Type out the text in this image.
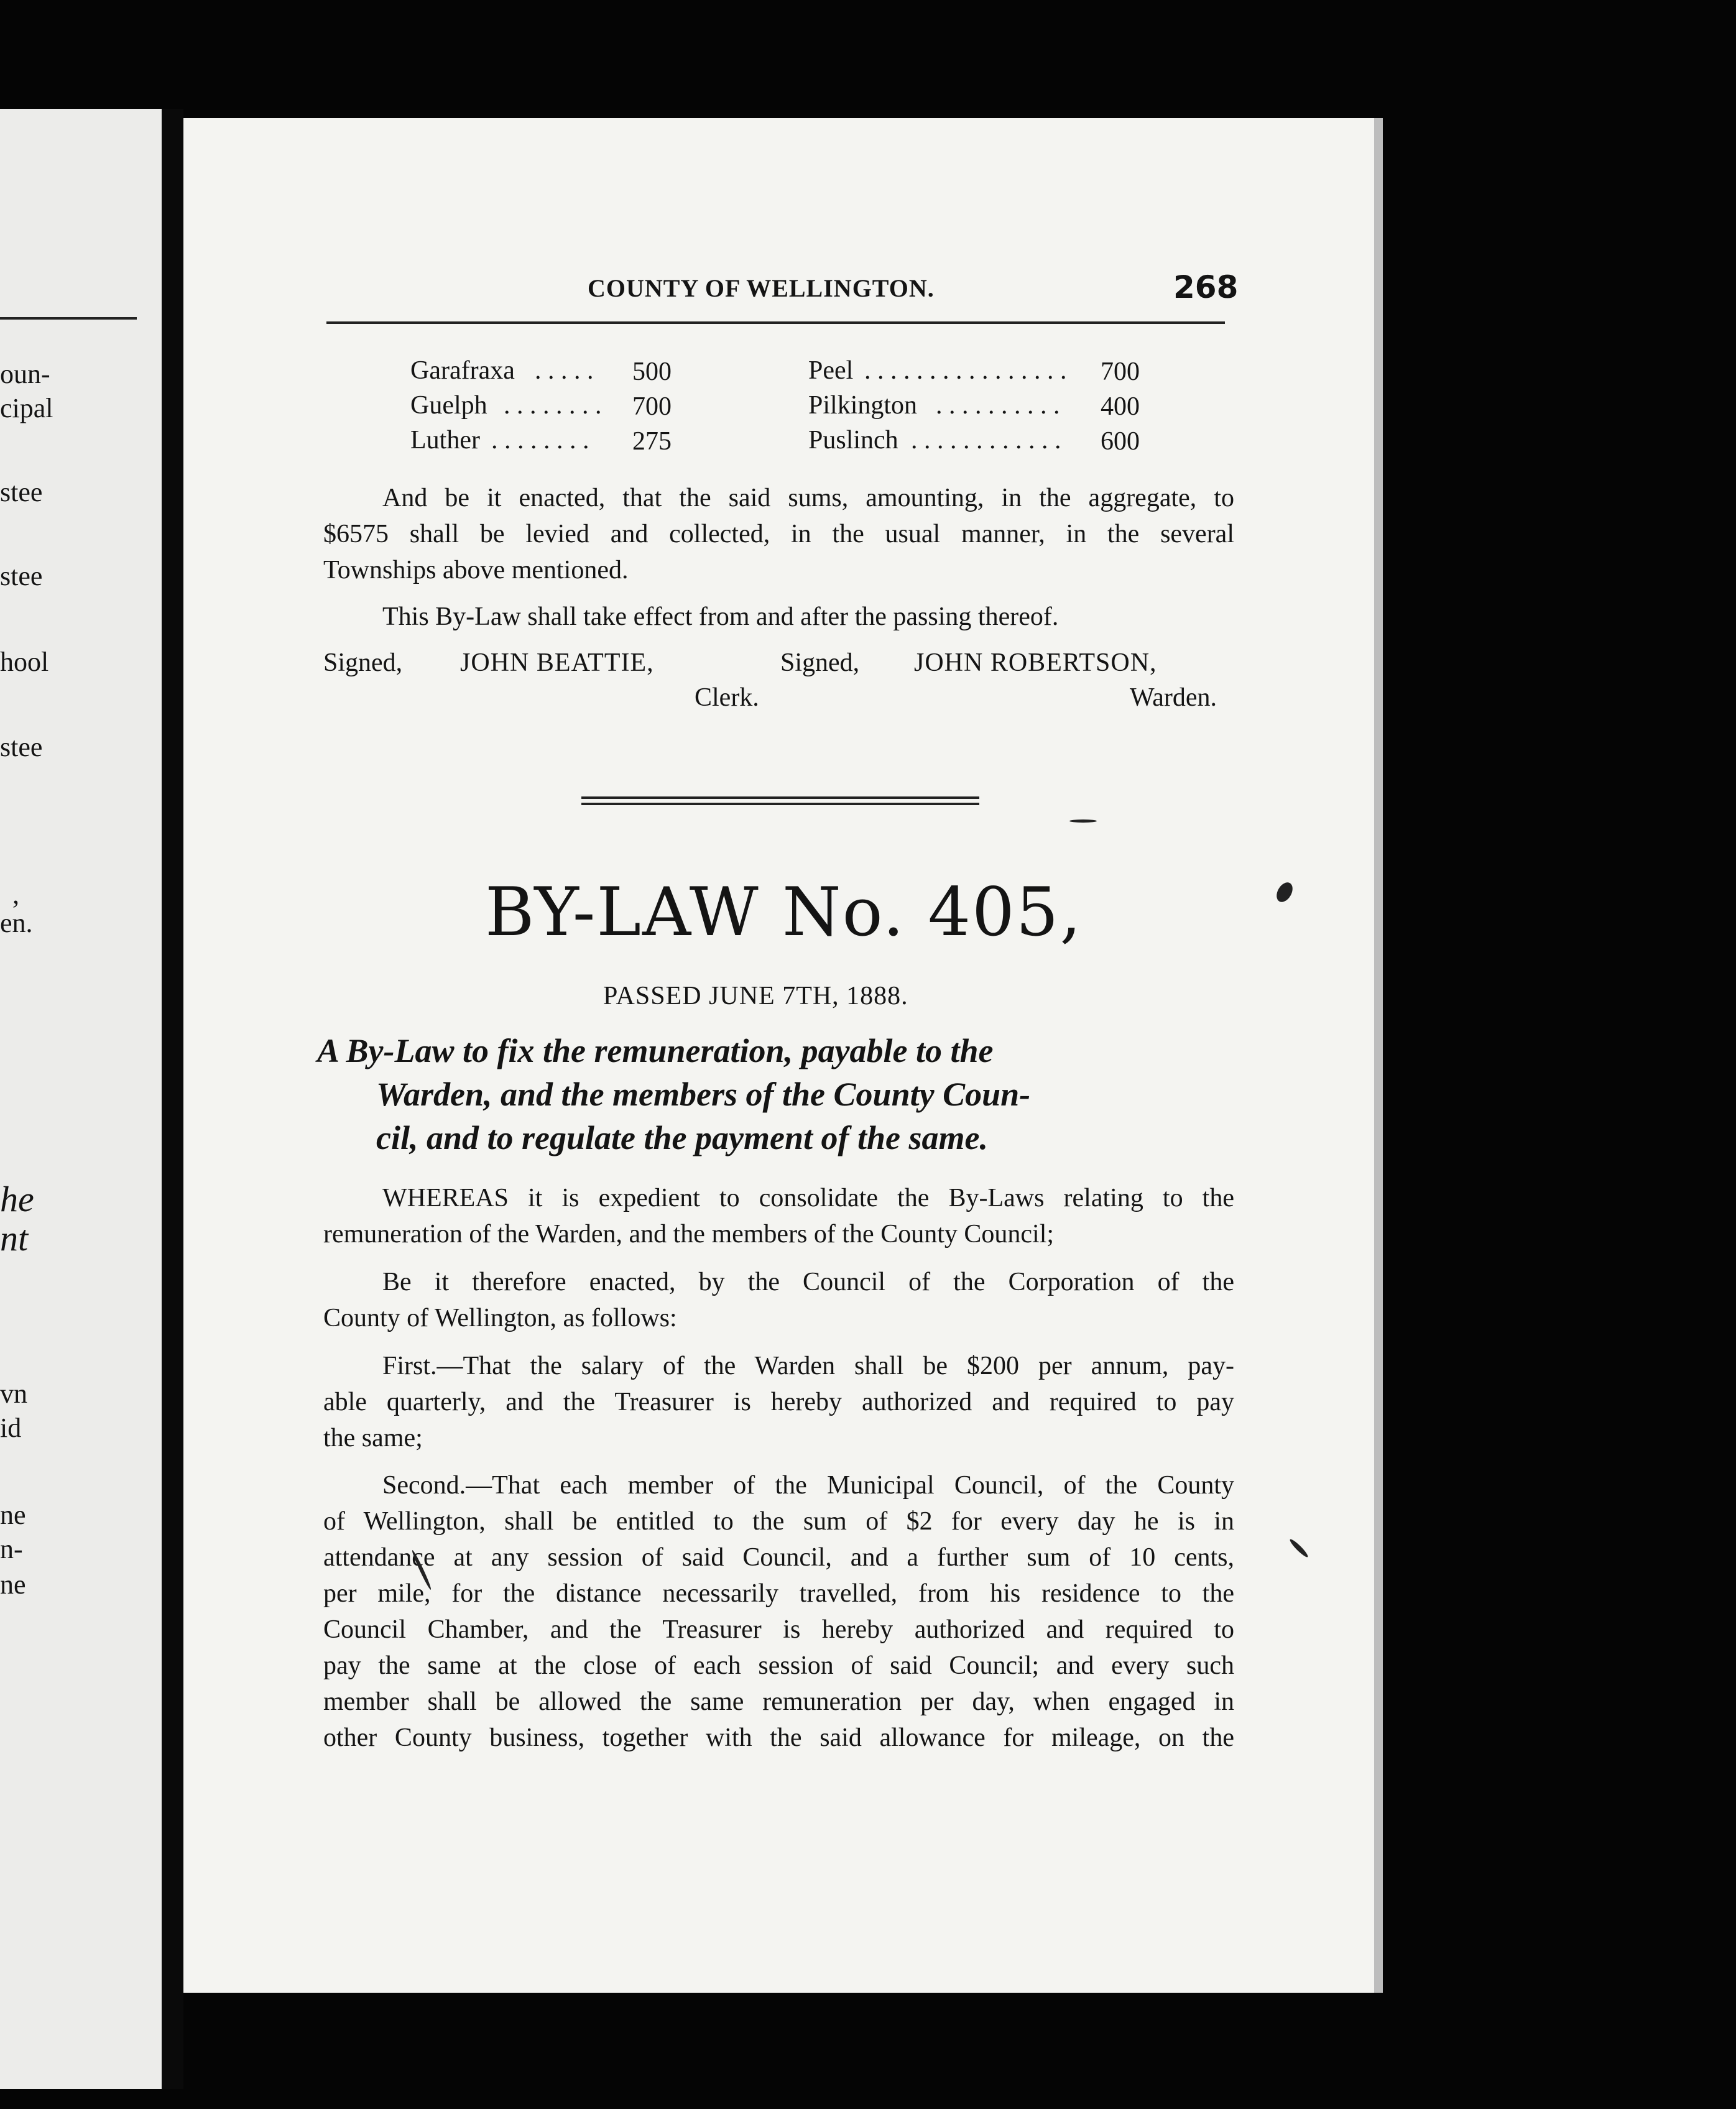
oun-
cipal
stee
stee
hool
stee
,
en.
he
nt
vn
id
ne
n-
ne
COUNTY OF WELLINGTON.	268
Garafraxa . . . . . 500
Guelph . . . . . . . . 700
Luther . . . . . . . . 275
Peel . . . . . . . . . . . . . . . . 700
Pilkington . . . . . . . . . . 400
Puslinch . . . . . . . . . . . . 600
And be it enacted, that the said sums, amounting, in the aggregate, to
$6575 shall be levied and collected, in the usual manner, in the several
Townships above mentioned.
This By-Law shall take effect from and after the passing thereof.
Signed, JOHN BEATTIE,
Clerk.
Signed, JOHN ROBERTSON,
Warden.
BY-LAW No. 405,
PASSED JUNE 7TH, 1888.
A By-Law to fix the remuneration, payable to the
Warden, and the members of the County Coun-
cil, and to regulate the payment of the same.
WHEREAS it is expedient to consolidate the By-Laws relating to the
remuneration of the Warden, and the members of the County Council;
Be it therefore enacted, by the Council of the Corporation of the
County of Wellington, as follows:
First.—That the salary of the Warden shall be $200 per annum, pay-
able quarterly, and the Treasurer is hereby authorized and required to pay
the same;
Second.—That each member of the Municipal Council, of the County
of Wellington, shall be entitled to the sum of $2 for every day he is in
attendance at any session of said Council, and a further sum of 10 cents,
per mile, for the distance necessarily travelled, from his residence to the
Council Chamber, and the Treasurer is hereby authorized and required to
pay the same at the close of each session of said Council; and every such
member shall be allowed the same remuneration per day, when engaged in
other County business, together with the said allowance for mileage, on the
